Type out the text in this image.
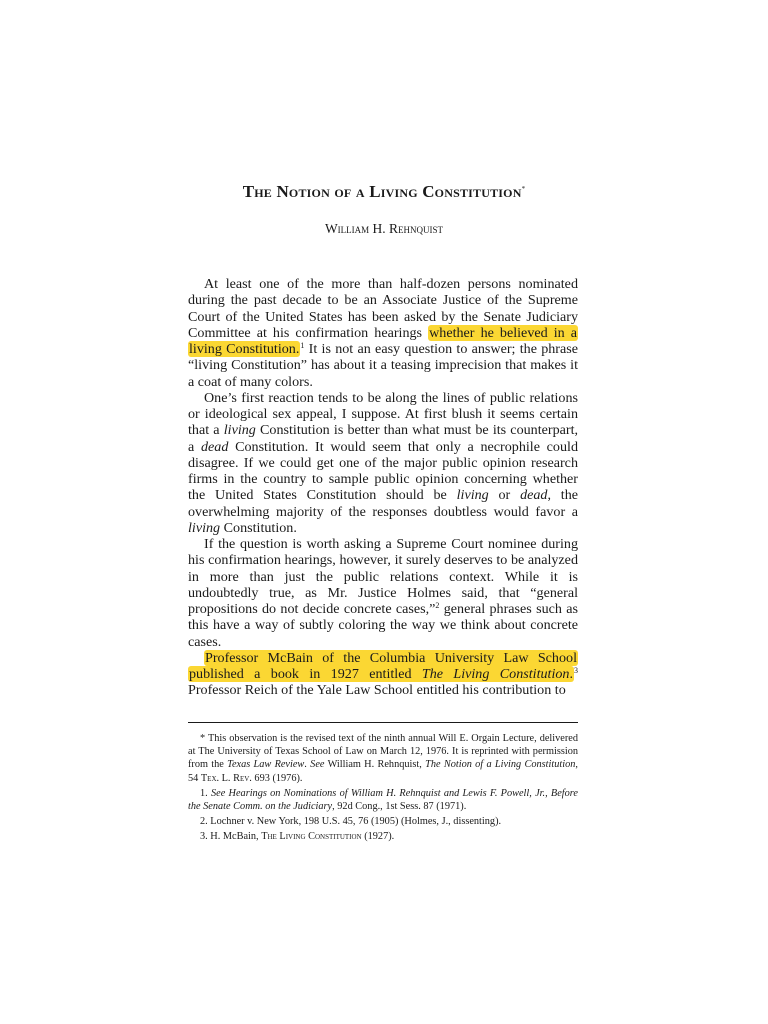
The Notion of a Living Constitution*
William H. Rehnquist

At least one of the more than half-dozen persons nominated during the past decade to be an Associate Justice of the Supreme Court of the United States has been asked by the Senate Judiciary Committee at his confirmation hearings whether he believed in a living Constitution.$^1$ It is not an easy question to answer; the phrase “living Constitution” has about it a teasing imprecision that makes it a coat of many colors.

One’s first reaction tends to be along the lines of public relations or ideological sex appeal, I suppose. At first blush it seems certain that a living Constitution is better than what must be its counterpart, a dead Constitution. It would seem that only a necrophile could disagree. If we could get one of the major public opinion research firms in the country to sample public opinion concerning whether the United States Constitution should be living or dead, the overwhelming majority of the responses doubtless would favor a living Constitution.

If the question is worth asking a Supreme Court nominee during his confirmation hearings, however, it surely deserves to be analyzed in more than just the public relations context. While it is undoubtedly true, as Mr. Justice Holmes said, that “general propositions do not decide concrete cases,”$^2$ general phrases such as this have a way of subtly coloring the way we think about concrete cases.

Professor McBain of the Columbia University Law School published a book in 1927 entitled The Living Constitution.$^3$ Professor Reich of the Yale Law School entitled his contribution to

* This observation is the revised text of the ninth annual Will E. Orgain Lecture, delivered at The University of Texas School of Law on March 12, 1976. It is reprinted with permission from the Texas Law Review. See William H. Rehnquist, The Notion of a Living Constitution, 54 Tex. L. Rev. 693 (1976).

1. See Hearings on Nominations of William H. Rehnquist and Lewis F. Powell, Jr., Before the Senate Comm. on the Judiciary, 92d Cong., 1st Sess. 87 (1971).

2. Lochner v. New York, 198 U.S. 45, 76 (1905) (Holmes, J., dissenting).

3. H. McBain, The Living Constitution (1927).
